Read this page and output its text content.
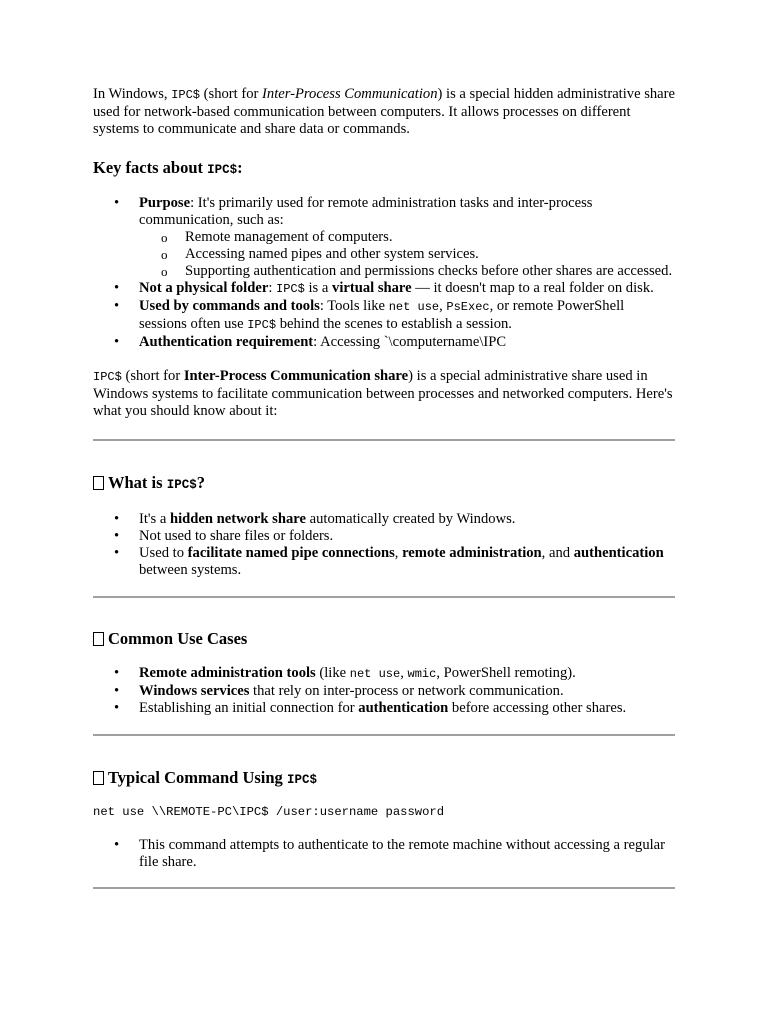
In Windows, IPC$ (short for Inter-Process Communication) is a special hidden administrative share used for network-based communication between computers. It allows processes on different systems to communicate and share data or commands.

Key facts about IPC$:
• Purpose: It's primarily used for remote administration tasks and inter-process communication, such as:
o Remote management of computers.
o Accessing named pipes and other system services.
o Supporting authentication and permissions checks before other shares are accessed.
• Not a physical folder: IPC$ is a virtual share — it doesn't map to a real folder on disk.
• Used by commands and tools: Tools like net use, PsExec, or remote PowerShell sessions often use IPC$ behind the scenes to establish a session.
• Authentication requirement: Accessing `\computername\IPC

IPC$ (short for Inter-Process Communication share) is a special administrative share used in Windows systems to facilitate communication between processes and networked computers. Here's what you should know about it:

What is IPC$?
• It's a hidden network share automatically created by Windows.
• Not used to share files or folders.
• Used to facilitate named pipe connections, remote administration, and authentication between systems.
Common Use Cases
• Remote administration tools (like net use, wmic, PowerShell remoting).
• Windows services that rely on inter-process or network communication.
• Establishing an initial connection for authentication before accessing other shares.
Typical Command Using IPC$
net use \\REMOTE-PC\IPC$ /user:username password
• This command attempts to authenticate to the remote machine without accessing a regular file share.
